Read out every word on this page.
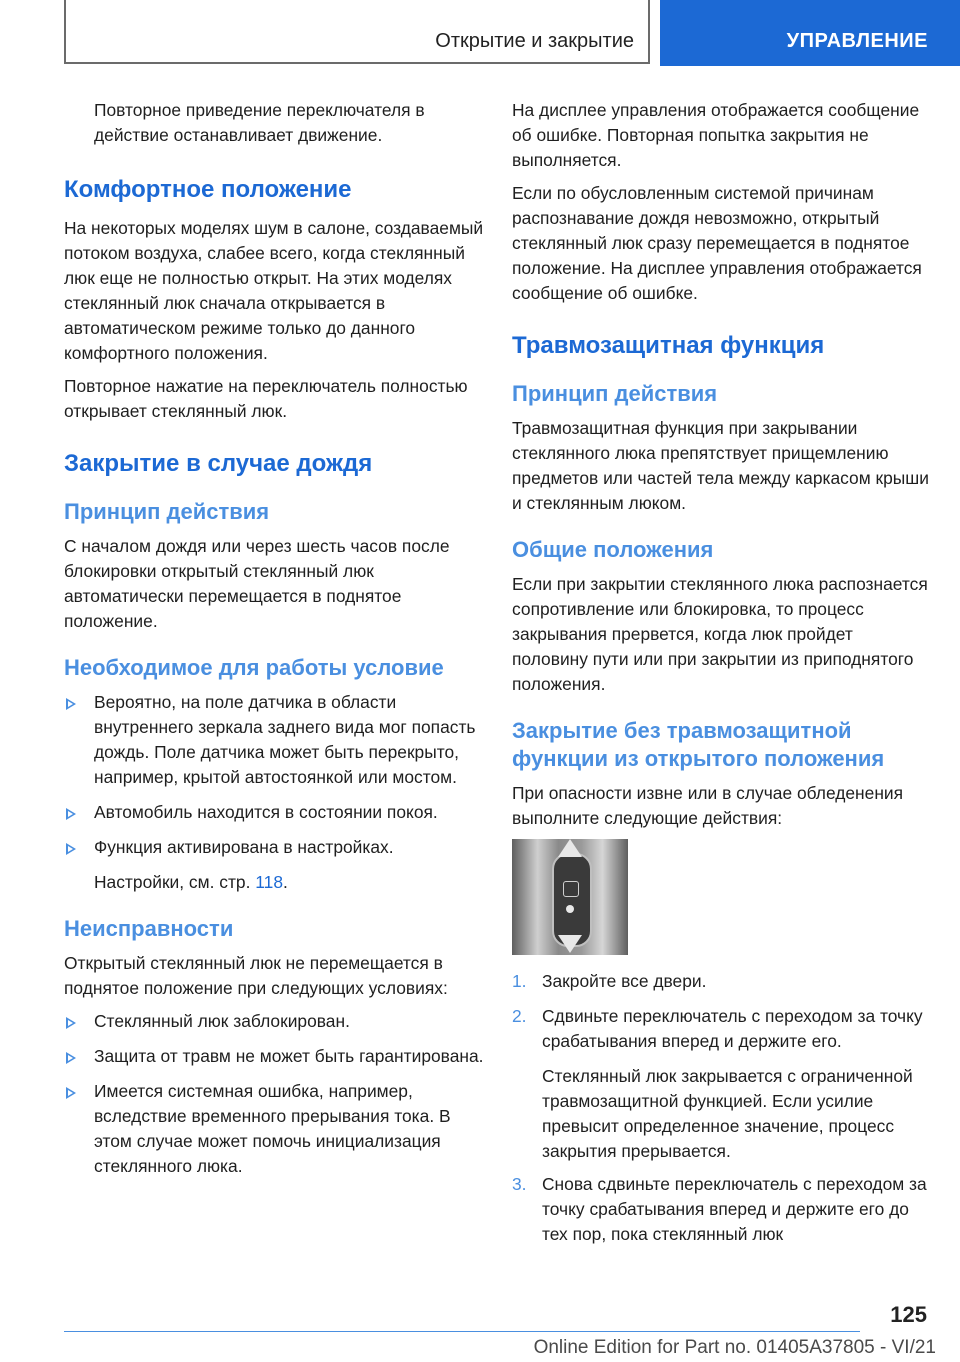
Открытие и закрытие	УПРАВЛЕНИЕ

Повторное приведение переключателя в действие останавливает движение.

Комфортное положение

На некоторых моделях шум в салоне, создаваемый потоком воздуха, слабее всего, когда стеклянный люк еще не полностью открыт. На этих моделях стеклянный люк сначала открывается в автоматическом режиме только до данного комфортного положения.

Повторное нажатие на переключатель полностью открывает стеклянный люк.

Закрытие в случае дождя
Принцип действия

С началом дождя или через шесть часов после блокировки открытый стеклянный люк автоматически перемещается в поднятое положение.

Необходимое для работы условие
Вероятно, на поле датчика в области внутреннего зеркала заднего вида мог попасть дождь. Поле датчика может быть перекрыто, например, крытой автостоянкой или мостом.
Автомобиль находится в состоянии покоя.
Функция активирована в настройках.

Настройки, см. стр. 118.

Неисправности

Открытый стеклянный люк не перемещается в поднятое положение при следующих условиях:

Стеклянный люк заблокирован.
Защита от травм не может быть гарантирована.
Имеется системная ошибка, например, вследствие временного прерывания тока. В этом случае может помочь инициализация стеклянного люка.

На дисплее управления отображается сообщение об ошибке. Повторная попытка закрытия не выполняется.

Если по обусловленным системой причинам распознавание дождя невозможно, открытый стеклянный люк сразу перемещается в поднятое положение. На дисплее управления отображается сообщение об ошибке.

Травмозащитная функция
Принцип действия

Травмозащитная функция при закрывании стеклянного люка препятствует прищемлению предметов или частей тела между каркасом крыши и стеклянным люком.

Общие положения

Если при закрытии стеклянного люка распознается сопротивление или блокировка, то процесс закрывания прервется, когда люк пройдет половину пути или при закрытии из приподнятого положения.

Закрытие без травмозащитной функции из открытого положения

При опасности извне или в случае обледенения выполните следующие действия:

1. Закройте все двери.
2. Сдвиньте переключатель с переходом за точку срабатывания вперед и держите его.

Стеклянный люк закрывается с ограниченной травмозащитной функцией. Если усилие превысит определенное значение, процесс закрытия прерывается.

3. Снова сдвиньте переключатель с переходом за точку срабатывания вперед и держите его до тех пор, пока стеклянный люк
125
Online Edition for Part no. 01405A37805 - VI/21
